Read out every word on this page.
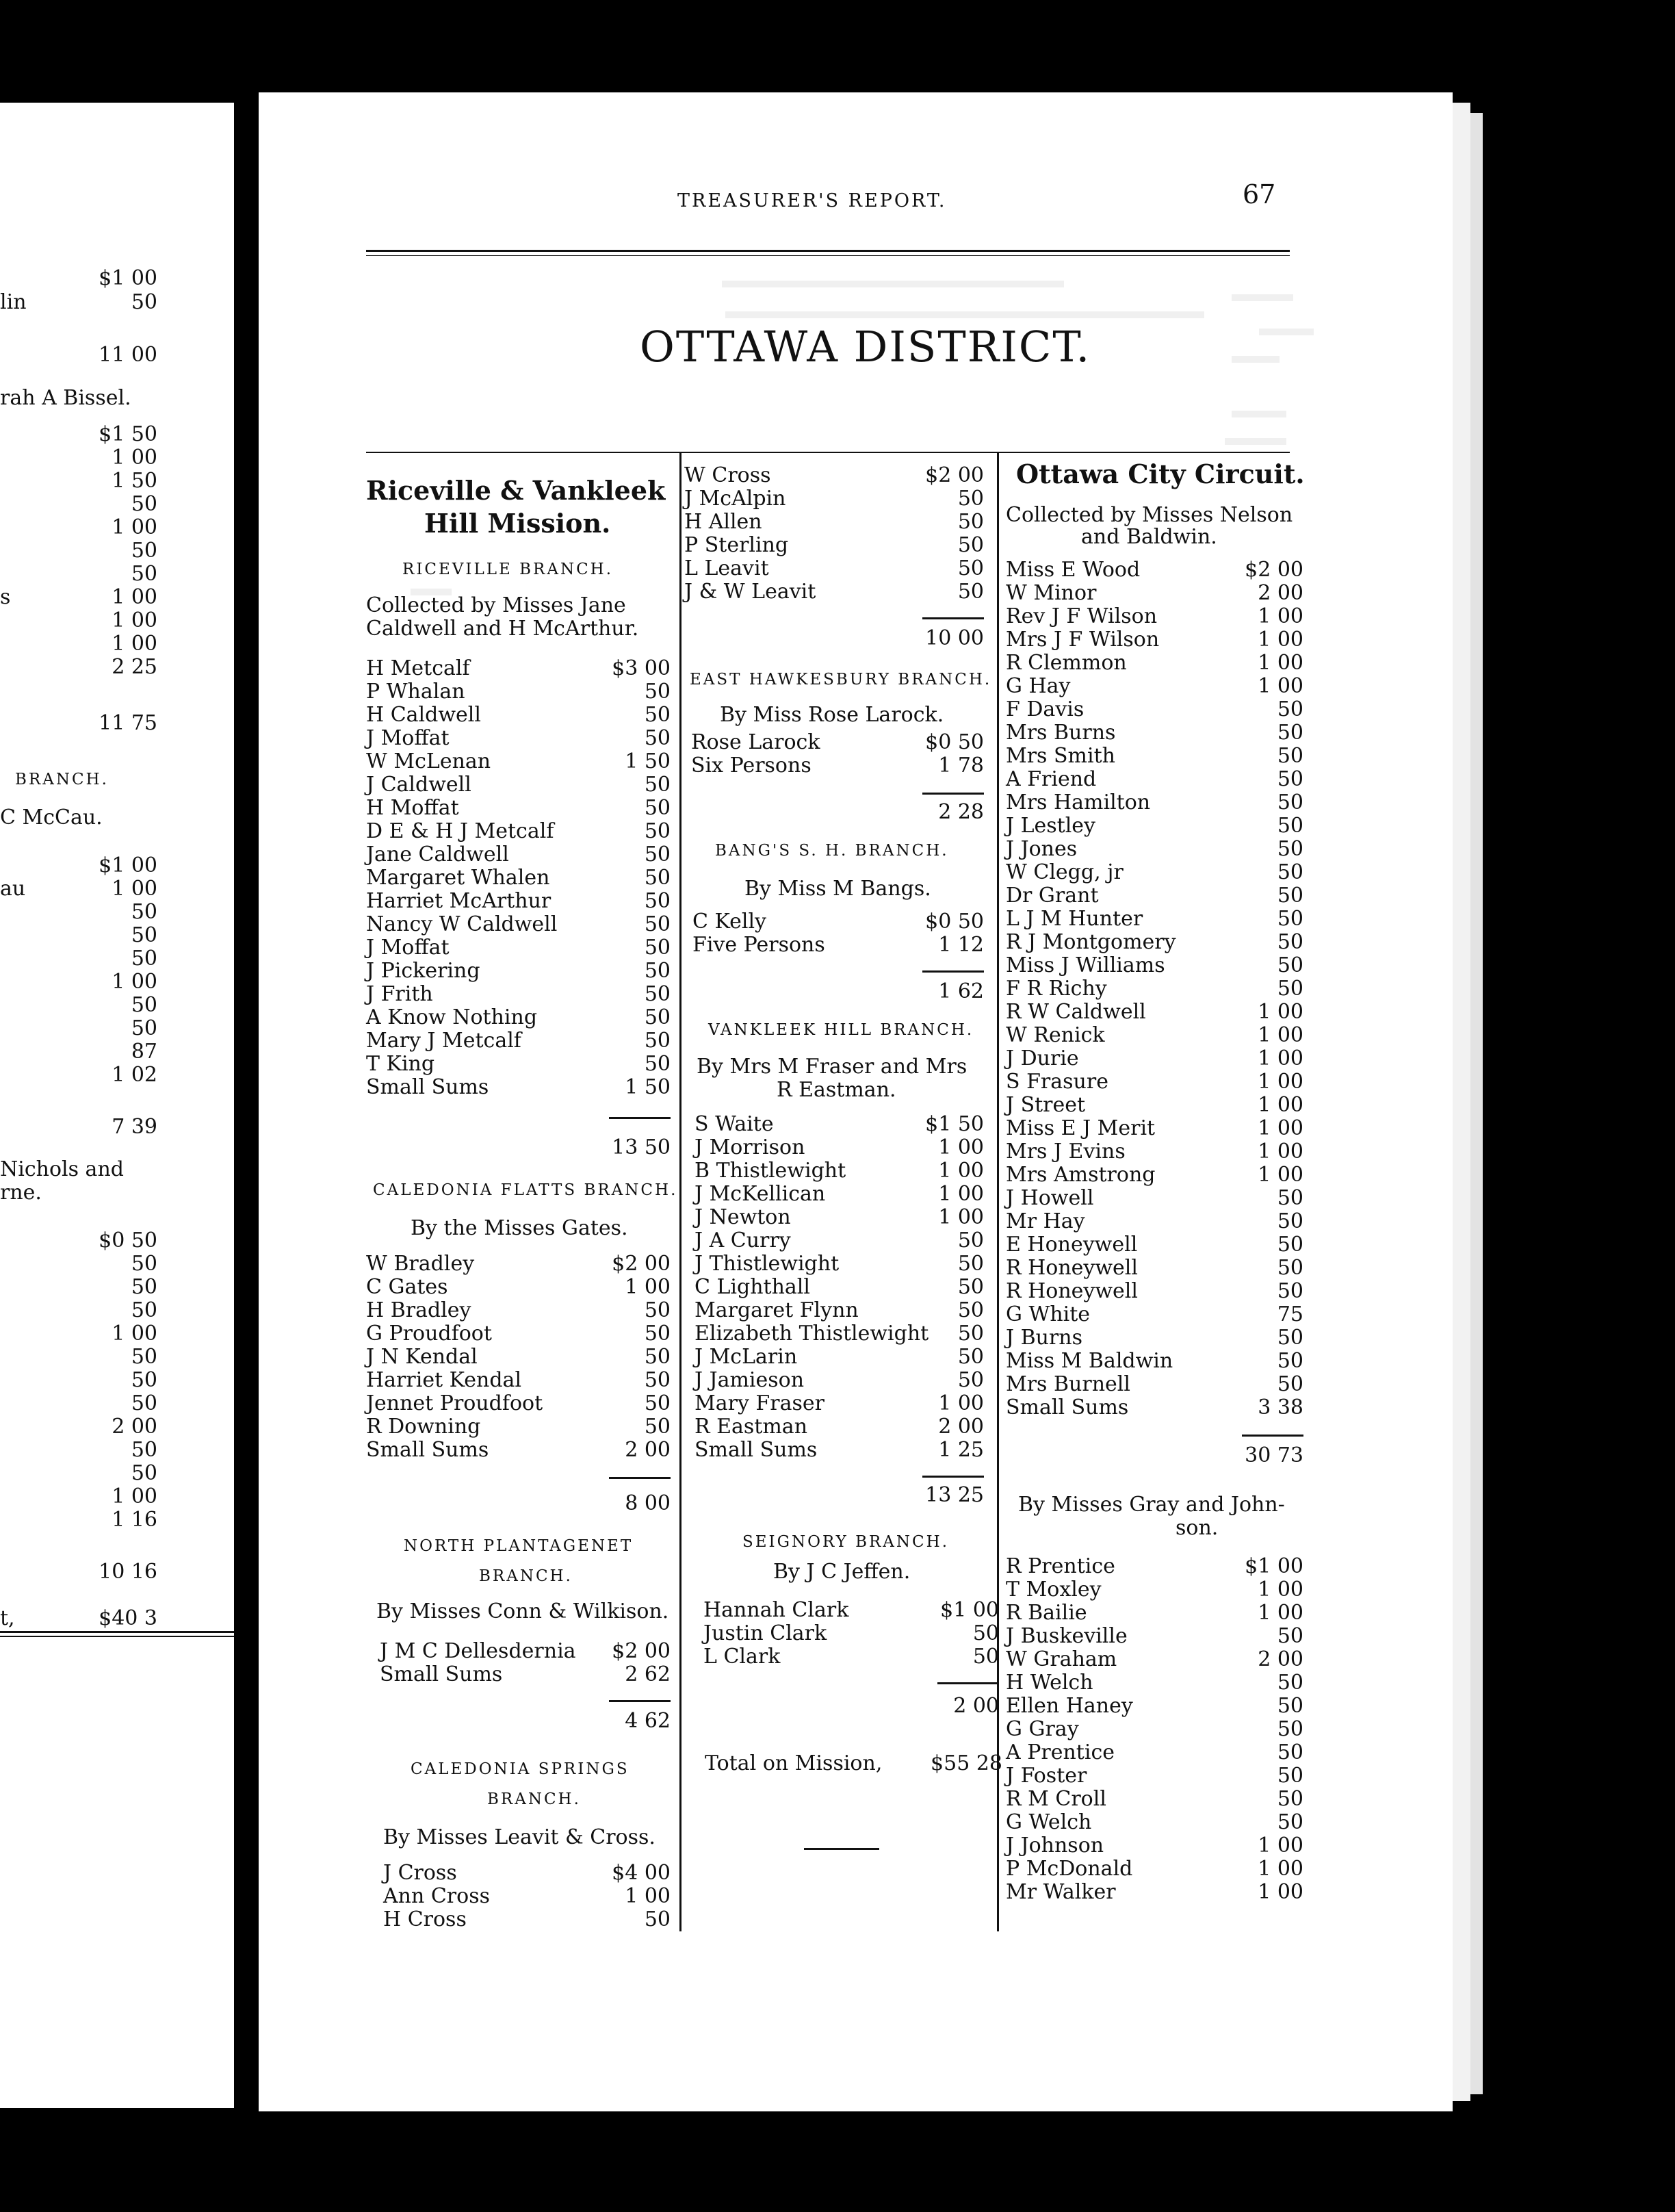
TREASURER'S REPORT.	67
OTTAWA DISTRICT.
$1 00
lin	50
11 00
rah A Bissel.
$1 50
1 00
1 50
50
1 00
50
50
s	1 00
1 00
1 00
2 25
11 75
BRANCH.
C McCau.
$1 00
au	1 00
50
50
50
1 00
50
50
87
1 02
7 39
Nichols and
rne.
$0 50
50
50
50
1 00
50
50
50
2 00
50
50
1 00
1 16
10 16
t,	$40 3
Riceville & Vankleek
Hill Mission.
RICEVILLE BRANCH.
Collected by Misses Jane
Caldwell and H McArthur.
H Metcalf	$3 00
P Whalan	50
H Caldwell	50
J Moffat	50
W McLenan	1 50
J Caldwell	50
H Moffat	50
D E & H J Metcalf	50
Jane Caldwell	50
Margaret Whalen	50
Harriet McArthur	50
Nancy W Caldwell	50
J Moffat	50
J Pickering	50
J Frith	50
A Know Nothing	50
Mary J Metcalf	50
T King	50
Small Sums	1 50
13 50
CALEDONIA FLATTS BRANCH.
By the Misses Gates.
W Bradley	$2 00
C Gates	1 00
H Bradley	50
G Proudfoot	50
J N Kendal	50
Harriet Kendal	50
Jennet Proudfoot	50
R Downing	50
Small Sums	2 00
8 00
NORTH PLANTAGENET
BRANCH.
By Misses Conn & Wilkison.
J M C Dellesdernia	$2 00
Small Sums	2 62
4 62
CALEDONIA SPRINGS
BRANCH.
By Misses Leavit & Cross.
J Cross	$4 00
Ann Cross	1 00
H Cross	50
W Cross	$2 00
J McAlpin	50
H Allen	50
P Sterling	50
L Leavit	50
J & W Leavit	50
10 00
EAST HAWKESBURY BRANCH.
By Miss Rose Larock.
Rose Larock	$0 50
Six Persons	1 78
2 28
BANG'S S. H. BRANCH.
By Miss M Bangs.
C Kelly	$0 50
Five Persons	1 12
1 62
VANKLEEK HILL BRANCH.
By Mrs M Fraser and Mrs
R Eastman.
S Waite	$1 50
J Morrison	1 00
B Thistlewight	1 00
J McKellican	1 00
J Newton	1 00
J A Curry	50
J Thistlewight	50
C Lighthall	50
Margaret Flynn	50
Elizabeth Thistlewight	50
J McLarin	50
J Jamieson	50
Mary Fraser	1 00
R Eastman	2 00
Small Sums	1 25
13 25
SEIGNORY BRANCH.
By J C Jeffen.
Hannah Clark	$1 00
Justin Clark	50
L Clark	50
2 00
Total on Mission,	$55 28
Ottawa City Circuit.
Collected by Misses Nelson
and Baldwin.
Miss E Wood	$2 00
W Minor	2 00
Rev J F Wilson	1 00
Mrs J F Wilson	1 00
R Clemmon	1 00
G Hay	1 00
F Davis	50
Mrs Burns	50
Mrs Smith	50
A Friend	50
Mrs Hamilton	50
J Lestley	50
J Jones	50
W Clegg, jr	50
Dr Grant	50
L J M Hunter	50
R J Montgomery	50
Miss J Williams	50
F R Richy	50
R W Caldwell	1 00
W Renick	1 00
J Durie	1 00
S Frasure	1 00
J Street	1 00
Miss E J Merit	1 00
Mrs J Evins	1 00
Mrs Amstrong	1 00
J Howell	50
Mr Hay	50
E Honeywell	50
R Honeywell	50
R Honeywell	50
G White	75
J Burns	50
Miss M Baldwin	50
Mrs Burnell	50
Small Sums	3 38
30 73
By Misses Gray and John-
son.
R Prentice	$1 00
T Moxley	1 00
R Bailie	1 00
J Buskeville	50
W Graham	2 00
H Welch	50
Ellen Haney	50
G Gray	50
A Prentice	50
J Foster	50
R M Croll	50
G Welch	50
J Johnson	1 00
P McDonald	1 00
Mr Walker	1 00
